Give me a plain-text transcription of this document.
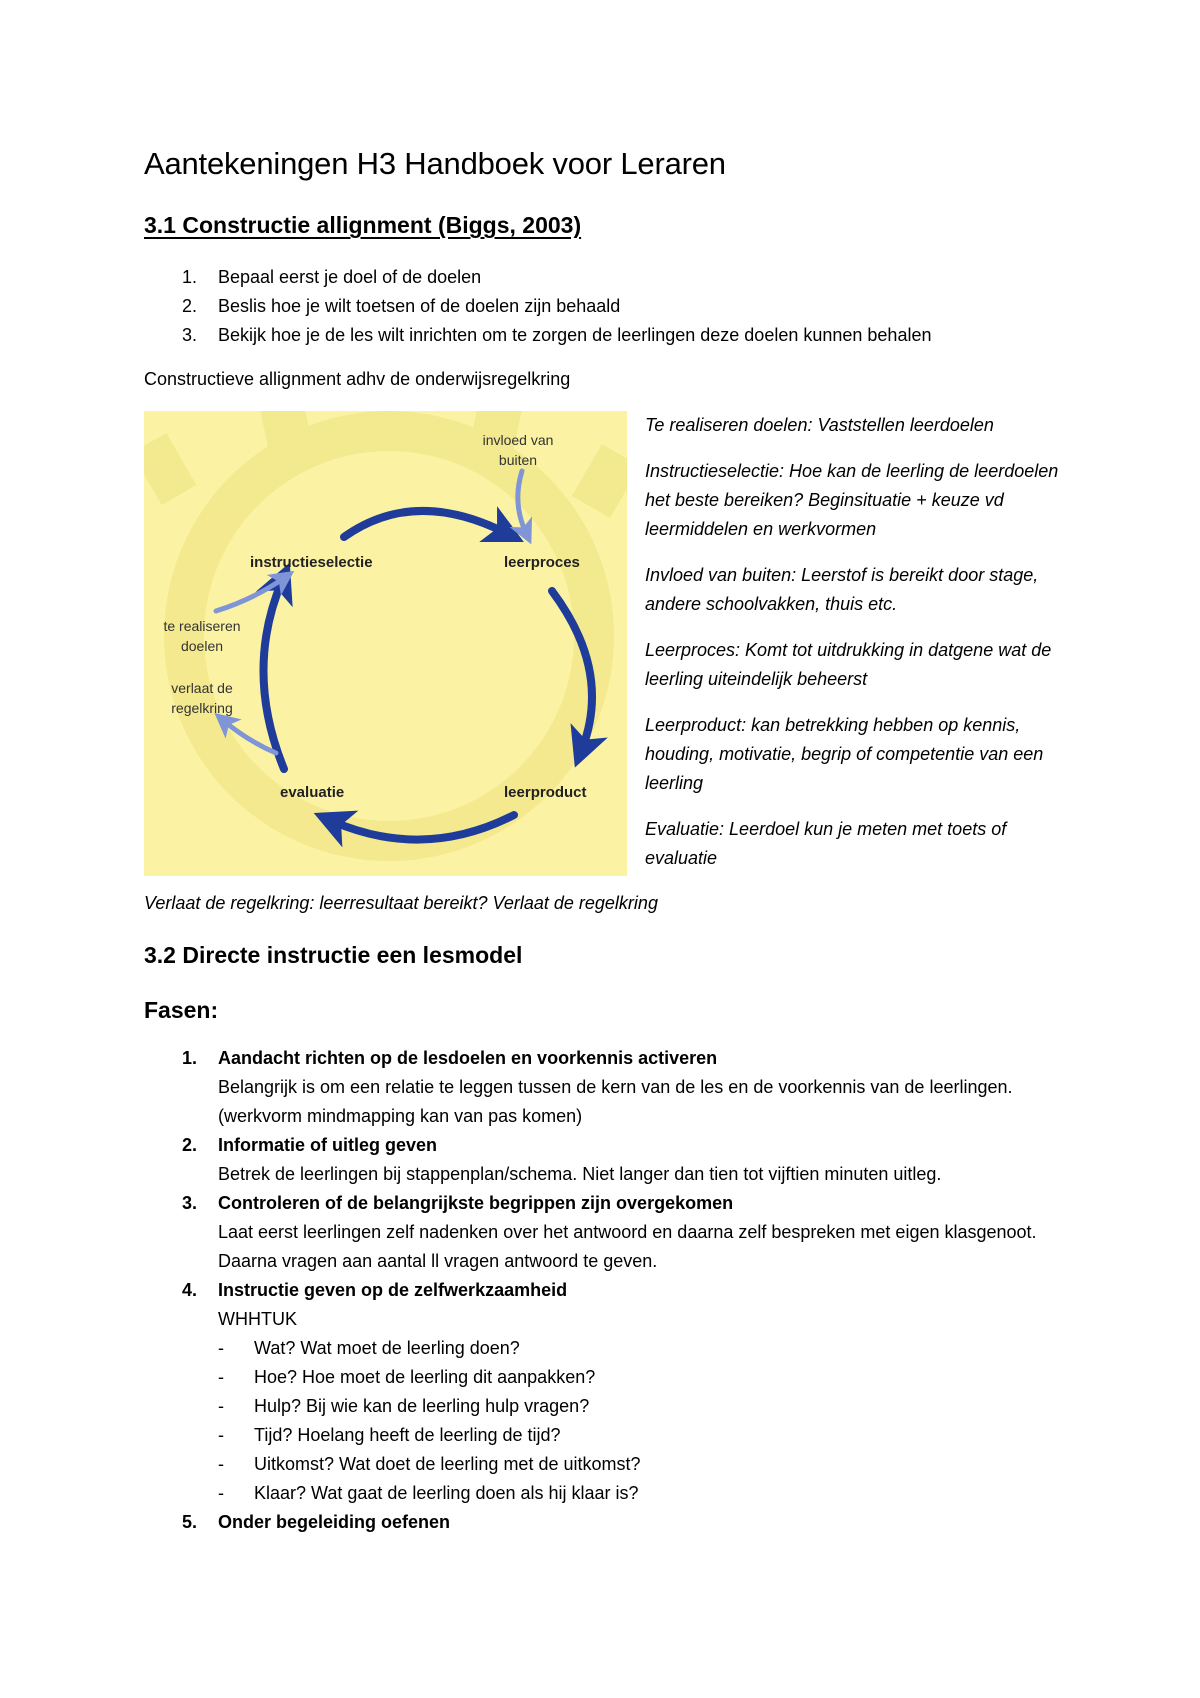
Aantekeningen H3 Handboek voor Leraren
3.1 Constructie allignment (Biggs, 2003)
1. Bepaal eerst je doel of de doelen
2. Beslis hoe je wilt toetsen of de doelen zijn behaald
3. Bekijk hoe je de les wilt inrichten om te zorgen de leerlingen deze doelen kunnen behalen

Constructieve allignment adhv de onderwijsregelkring

invloed van
buiten
instructieselectie	leerproces
te realiseren
doelen
verlaat de
regelkring
evaluatie	leerproduct

Te realiseren doelen: Vaststellen leerdoelen

Instructieselectie: Hoe kan de leerling de leerdoelen het beste bereiken? Beginsituatie + keuze vd leermiddelen en werkvormen

Invloed van buiten: Leerstof is bereikt door stage, andere schoolvakken, thuis etc.

Leerproces: Komt tot uitdrukking in datgene wat de leerling uiteindelijk beheerst

Leerproduct: kan betrekking hebben op kennis, houding, motivatie, begrip of competentie van een leerling

Evaluatie: Leerdoel kun je meten met toets of evaluatie

Verlaat de regelkring: leerresultaat bereikt? Verlaat de regelkring

3.2 Directe instructie een lesmodel
Fasen:
1. Aandacht richten op de lesdoelen en voorkennis activeren
Belangrijk is om een relatie te leggen tussen de kern van de les en de voorkennis van de leerlingen. (werkvorm mindmapping kan van pas komen)
2. Informatie of uitleg geven
Betrek de leerlingen bij stappenplan/schema. Niet langer dan tien tot vijftien minuten uitleg.
3. Controleren of de belangrijkste begrippen zijn overgekomen
Laat eerst leerlingen zelf nadenken over het antwoord en daarna zelf bespreken met eigen klasgenoot. Daarna vragen aan aantal ll vragen antwoord te geven.
4. Instructie geven op de zelfwerkzaamheid
WHHTUK
- Wat? Wat moet de leerling doen?
- Hoe? Hoe moet de leerling dit aanpakken?
- Hulp? Bij wie kan de leerling hulp vragen?
- Tijd? Hoelang heeft de leerling de tijd?
- Uitkomst? Wat doet de leerling met de uitkomst?
- Klaar? Wat gaat de leerling doen als hij klaar is?
5. Onder begeleiding oefenen
